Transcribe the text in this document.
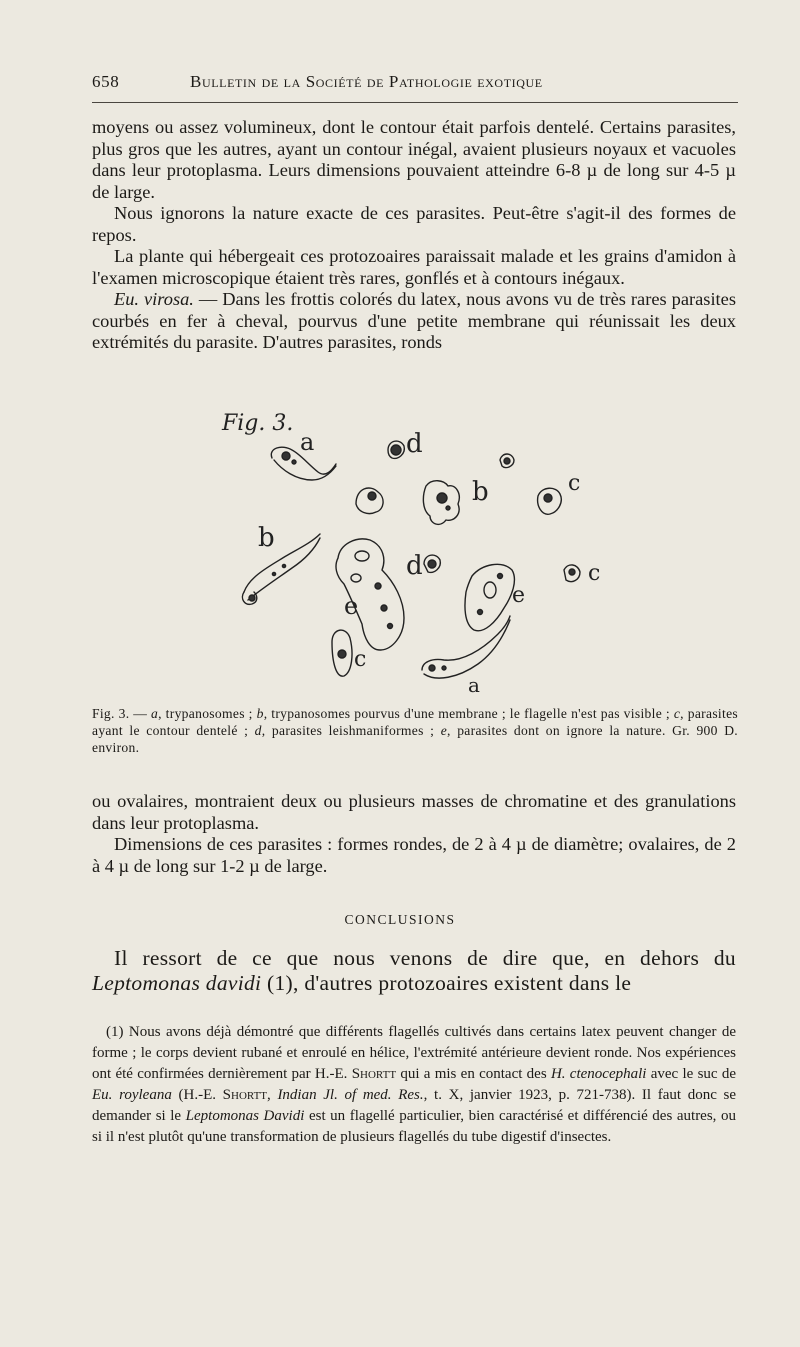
658	Bulletin de la Société de Pathologie exotique

moyens ou assez volumineux, dont le contour était parfois dentelé. Certains parasites, plus gros que les autres, ayant un contour inégal, avaient plusieurs noyaux et vacuoles dans leur protoplasma. Leurs dimensions pouvaient atteindre 6-8 µ de long sur 4-5 µ de large.

Nous ignorons la nature exacte de ces parasites. Peut-être s'agit-il des formes de repos.

La plante qui hébergeait ces protozoaires paraissait malade et les grains d'amidon à l'examen microscopique étaient très rares, gonflés et à contours inégaux.

Eu. virosa. — Dans les frottis colorés du latex, nous avons vu de très rares parasites courbés en fer à cheval, pourvus d'une petite membrane qui réunissait les deux extrémités du parasite. D'autres parasites, ronds

Fig. 3.
a	d
b	c
b
e
d
e
c
c
a

Fig. 3. — a, trypanosomes ; b, trypanosomes pourvus d'une membrane ; le flagelle n'est pas visible ; c, parasites ayant le contour dentelé ; d, parasites leishmaniformes ; e, parasites dont on ignore la nature. Gr. 900 D. environ.

ou ovalaires, montraient deux ou plusieurs masses de chromatine et des granulations dans leur protoplasma.

Dimensions de ces parasites : formes rondes, de 2 à 4 µ de diamètre; ovalaires, de 2 à 4 µ de long sur 1-2 µ de large.

CONCLUSIONS

Il ressort de ce que nous venons de dire que, en dehors du Leptomonas davidi (1), d'autres protozoaires existent dans le

(1) Nous avons déjà démontré que différents flagellés cultivés dans certains latex peuvent changer de forme ; le corps devient rubané et enroulé en hélice, l'extrémité antérieure devient ronde. Nos expériences ont été confirmées dernièrement par H.-E. Shortt qui a mis en contact des H. ctenocephali avec le suc de Eu. royleana (H.-E. Shortt, Indian Jl. of med. Res., t. X, janvier 1923, p. 721-738). Il faut donc se demander si le Leptomonas Davidi est un flagellé particulier, bien caractérisé et différencié des autres, ou si il n'est plutôt qu'une transformation de plusieurs flagellés du tube digestif d'insectes.
